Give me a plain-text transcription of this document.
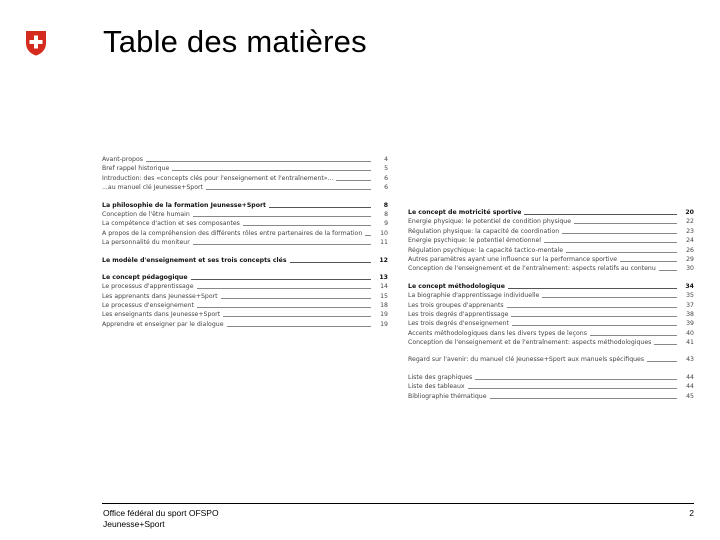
Table des matières
Avant-propos	4
Bref rappel historique	5
Introduction: des «concepts clés pour l'enseignement et l'entraînement»...	6
...au manuel clé Jeunesse+Sport	6
La philosophie de la formation Jeunesse+Sport	8
Conception de l'être humain	8
La compétence d'action et ses composantes	9
A propos de la compréhension des différents rôles entre partenaires de la formation	10
La personnalité du moniteur	11
Le modèle d'enseignement et ses trois concepts clés	12
Le concept pédagogique	13
Le processus d'apprentissage	14
Les apprenants dans Jeunesse+Sport	15
Le processus d'enseignement	18
Les enseignants dans Jeunesse+Sport	19
Apprendre et enseigner par le dialogue	19
Le concept de motricité sportive	20
Energie physique: le potentiel de condition physique	22
Régulation physique: la capacité de coordination	23
Energie psychique: le potentiel émotionnel	24
Régulation psychique: la capacité tactico-mentale	26
Autres paramètres ayant une influence sur la performance sportive	29
Conception de l'enseignement et de l'entraînement: aspects relatifs au contenu	30
Le concept méthodologique	34
La biographie d'apprentissage individuelle	35
Les trois groupes d'apprenants	37
Les trois degrés d'apprentissage	38
Les trois degrés d'enseignement	39
Accents méthodologiques dans les divers types de leçons	40
Conception de l'enseignement et de l'entraînement: aspects méthodologiques	41
Regard sur l'avenir: du manuel clé Jeunesse+Sport aux manuels spécifiques	43
Liste des graphiques	44
Liste des tableaux	44
Bibliographie thématique	45
Office fédéral du sport OFSPO
Jeunesse+Sport
2
